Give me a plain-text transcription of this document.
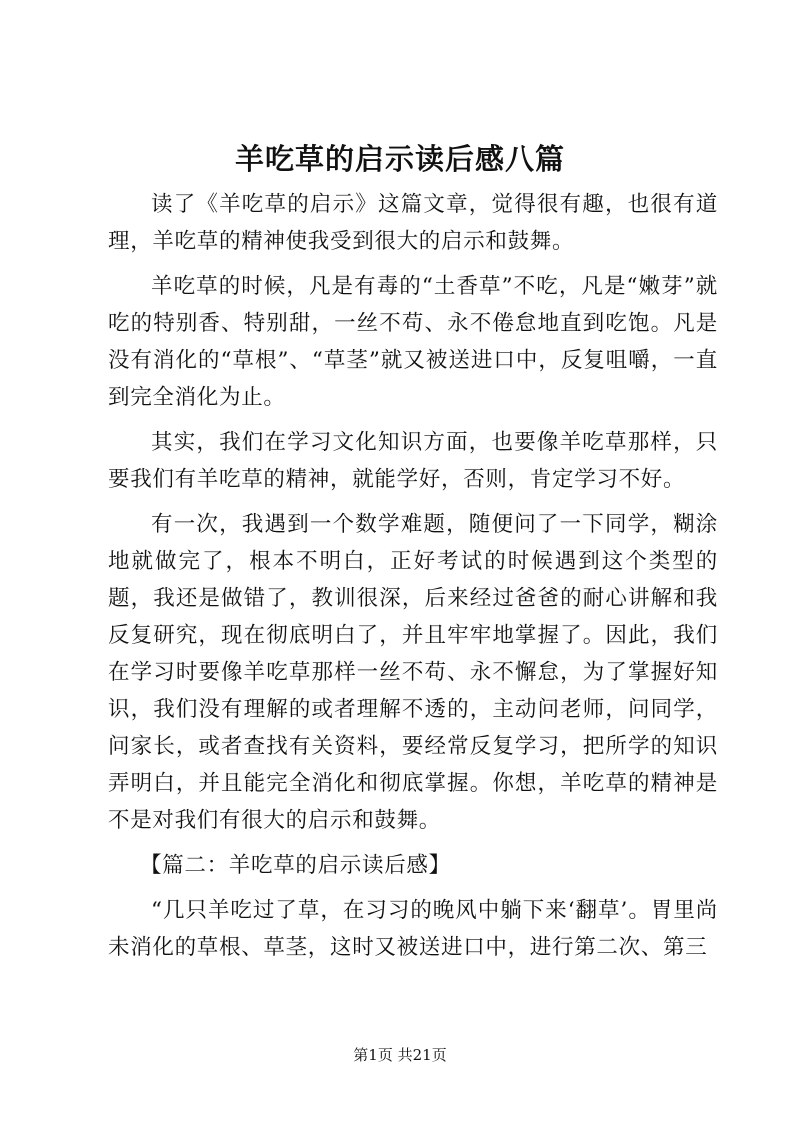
羊吃草的启示读后感八篇

读了《羊吃草的启示》这篇文章，觉得很有趣，也很有道理，羊吃草的精神使我受到很大的启示和鼓舞。

羊吃草的时候，凡是有毒的“土香草”不吃，凡是“嫩芽”就吃的特别香、特别甜，一丝不苟、永不倦怠地直到吃饱。凡是没有消化的“草根”、“草茎”就又被送进口中，反复咀嚼，一直到完全消化为止。

其实，我们在学习文化知识方面，也要像羊吃草那样，只要我们有羊吃草的精神，就能学好，否则，肯定学习不好。

有一次，我遇到一个数学难题，随便问了一下同学，糊涂地就做完了，根本不明白，正好考试的时候遇到这个类型的题，我还是做错了，教训很深，后来经过爸爸的耐心讲解和我反复研究，现在彻底明白了，并且牢牢地掌握了。因此，我们在学习时要像羊吃草那样一丝不苟、永不懈怠，为了掌握好知识，我们没有理解的或者理解不透的，主动问老师，问同学，问家长，或者查找有关资料，要经常反复学习，把所学的知识弄明白，并且能完全消化和彻底掌握。你想，羊吃草的精神是不是对我们有很大的启示和鼓舞。

【篇二：羊吃草的启示读后感】

“几只羊吃过了草，在习习的晚风中躺下来‘翻草’。胃里尚未消化的草根、草茎，这时又被送进口中，进行第二次、第三

第1页 共21页
